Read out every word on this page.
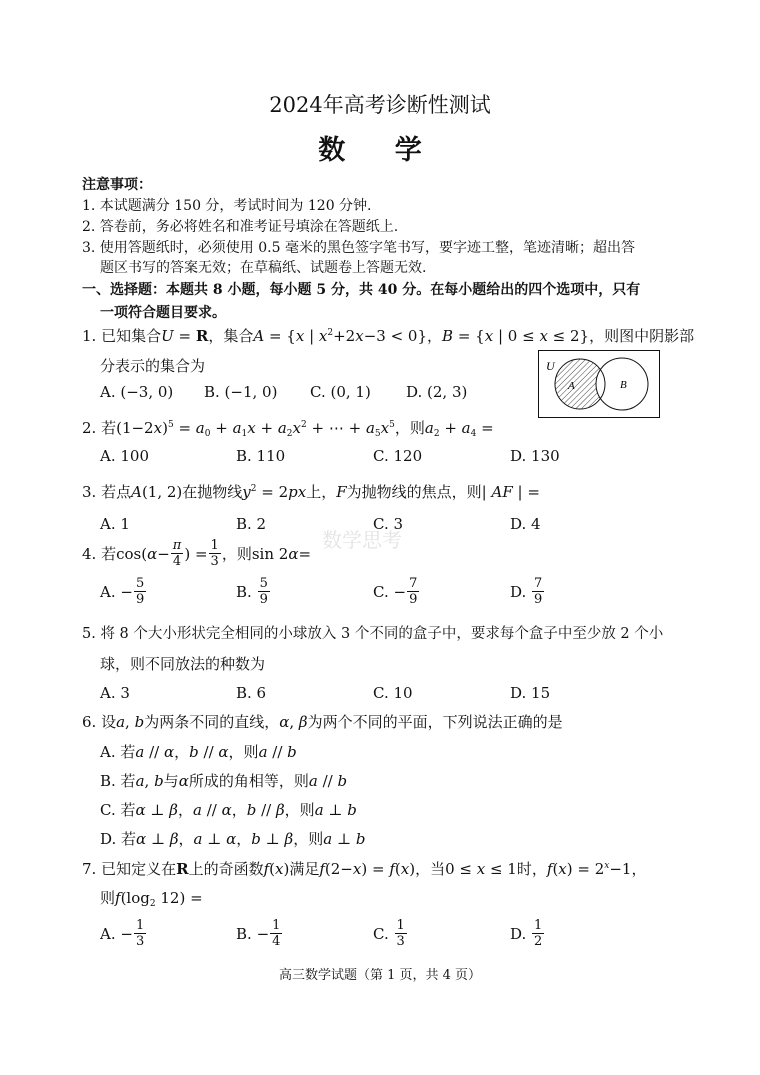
2024年高考诊断性测试
数 学
注意事项：
1. 本试题满分 150 分，考试时间为 120 分钟.
2. 答卷前，务必将姓名和准考证号填涂在答题纸上.
3. 使用答题纸时，必须使用 0.5 毫米的黑色签字笔书写，要字迹工整，笔迹清晰；超出答
题区书写的答案无效；在草稿纸、试题卷上答题无效.
一、选择题：本题共 8 小题，每小题 5 分，共 40 分。在每小题给出的四个选项中，只有
一项符合题目要求。
1. 已知集合U = R，集合A = {x | $x^2+2x-3 < 0$}，B = {x | 0 ≤ x ≤ 2}，则图中阴影部
分表示的集合为
A. (−3, 0) B. (−1, 0) C. (0, 1) D. (2, 3)
U
A	B
2. 若$(1-2x)^5 = a_0 + a_1x + a_2x^2$ + ⋯ + $a_5x^5$，则$a_2 + a_4$ =
A. 100	B. 110	C. 120	D. 130
3. 若点A(1, 2)在抛物线$y^2 = 2px$上，F为抛物线的焦点，则| AF | =
A. 1	B. 2	C. 3	D. 4
数学思考
4. 若 cos( $\alpha - \frac{\pi}{4}$ ) = $\frac{1}{3}$ ，则 sin 2 α =
A. − $\frac{5}{9}$	B.
$\frac{5}{9}$	C. − $\frac{7}{9}$	D.
$\frac{7}{9}$
5. 将 8 个大小形状完全相同的小球放入 3 个不同的盒子中，要求每个盒子中至少放 2 个小
球，则不同放法的种数为
A. 3	B. 6	C. 10	D. 15
6. 设a, b为两条不同的直线，α, β为两个不同的平面，下列说法正确的是
A. 若a // α，b // α，则a // b
B. 若a, b与α所成的角相等，则a // b
C. 若α ⊥ β，a // α，b // β，则a ⊥ b
D. 若α ⊥ β，a ⊥ α，b ⊥ β，则a ⊥ b
7. 已知定义在R上的奇函数f(x)满足f(2−x) = f(x)，当0 ≤ x ≤ 1时，$f(x) = 2^x-1$，
则$f(\log_2$ 12) =
A. − $\frac{1}{3}$	B. − $\frac{1}{4}$	C.
$\frac{1}{3}$	D.
$\frac{1}{2}$
高三数学试题（第 1 页，共 4 页）
